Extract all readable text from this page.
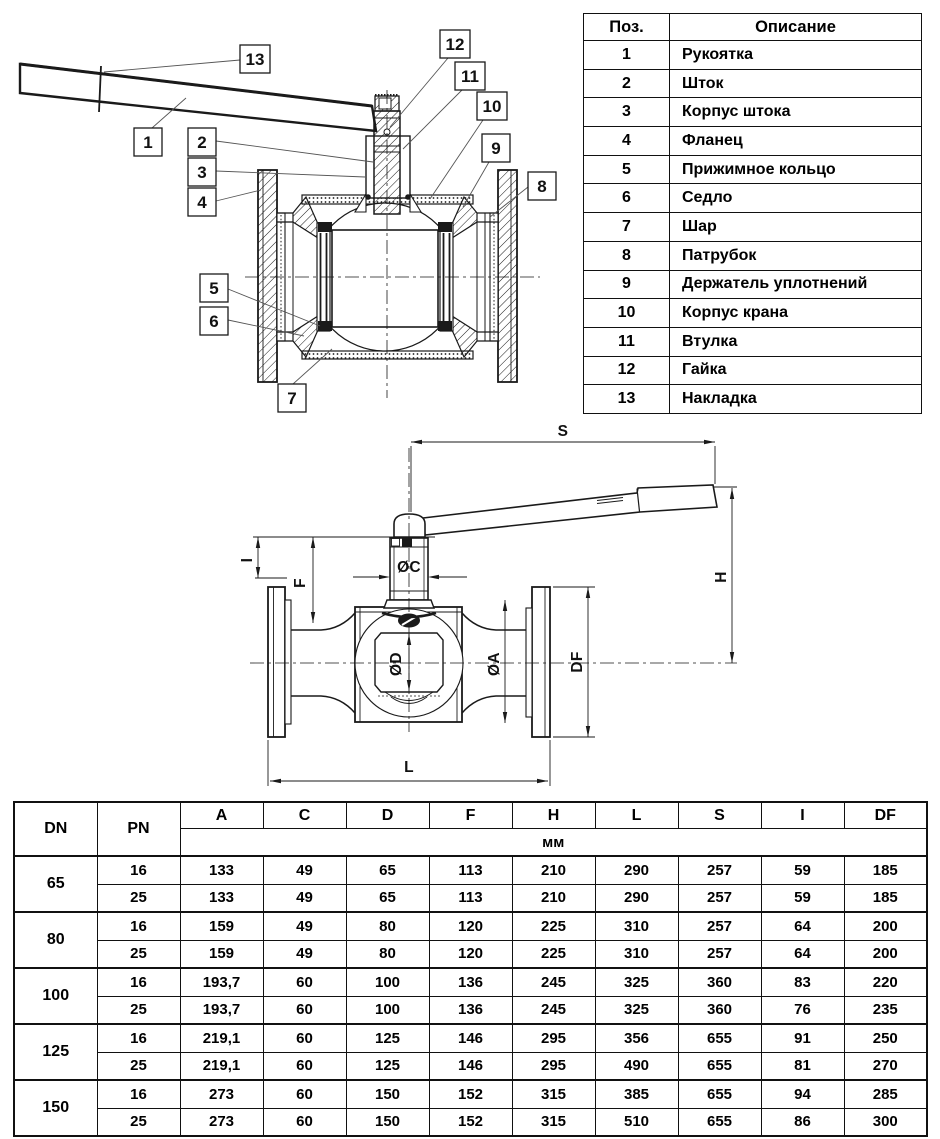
1	2
3
4
5
6
7
8
9
10
11
12
13
Поз.	Описание
1	Рукоятка
2	Шток
3	Корпус штока
4	Фланец
5	Прижимное кольцо
6	Седло
7	Шар
8	Патрубок
9	Держатель уплотнений
10	Корпус крана
11	Втулка
12	Гайка
13	Накладка
S
H
DF
ØA
ØD
ØC
F
I
L
DN	PN	A	C	D	F	H	L	S	I	DF
		мм								
65	16	133	49	65	113	210	290	257	59	185
	25	133	49	65	113	210	290	257	59	185
80	16	159	49	80	120	225	310	257	64	200
	25	159	49	80	120	225	310	257	64	200
100	16	193,7	60	100	136	245	325	360	83	220
	25	193,7	60	100	136	245	325	360	76	235
125	16	219,1	60	125	146	295	356	655	91	250
	25	219,1	60	125	146	295	490	655	81	270
150	16	273	60	150	152	315	385	655	94	285
	25	273	60	150	152	315	510	655	86	300
